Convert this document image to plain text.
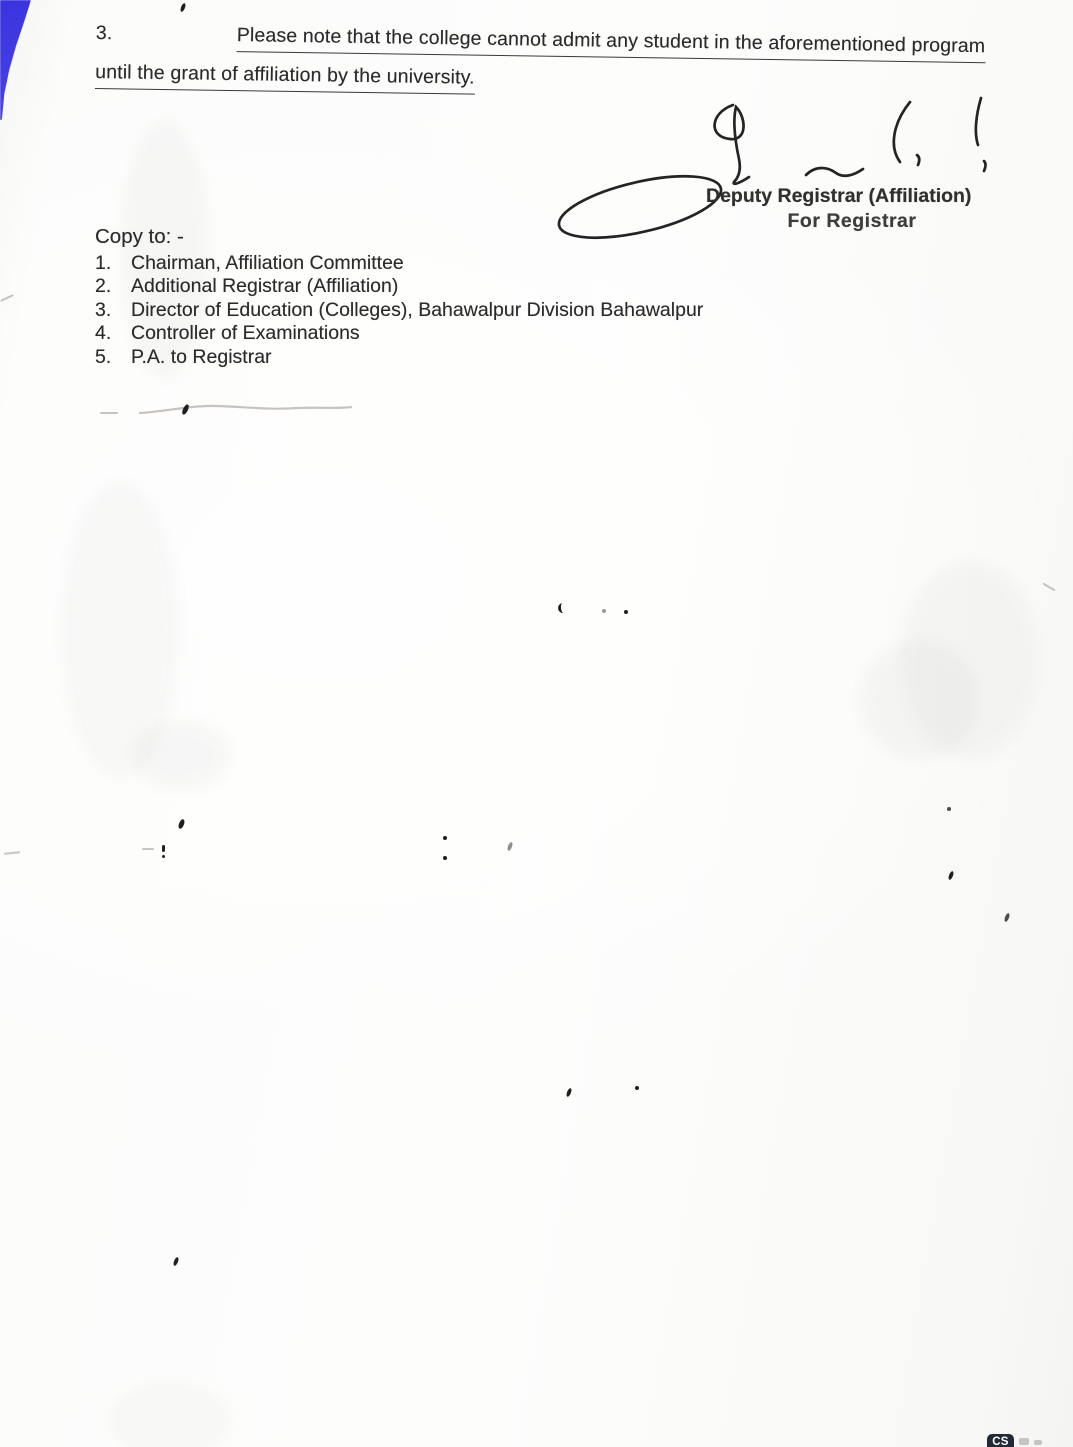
3.	Please note that the college cannot admit any student in the aforementioned program
until the grant of affiliation by the university.
Deputy Registrar (Affiliation)
For Registrar
Copy to: -
1.	Chairman, Affiliation Committee
2.	Additional Registrar (Affiliation)
3.	Director of Education (Colleges), Bahawalpur Division Bahawalpur
4.	Controller of Examinations
5.	P.A. to Registrar
CS
